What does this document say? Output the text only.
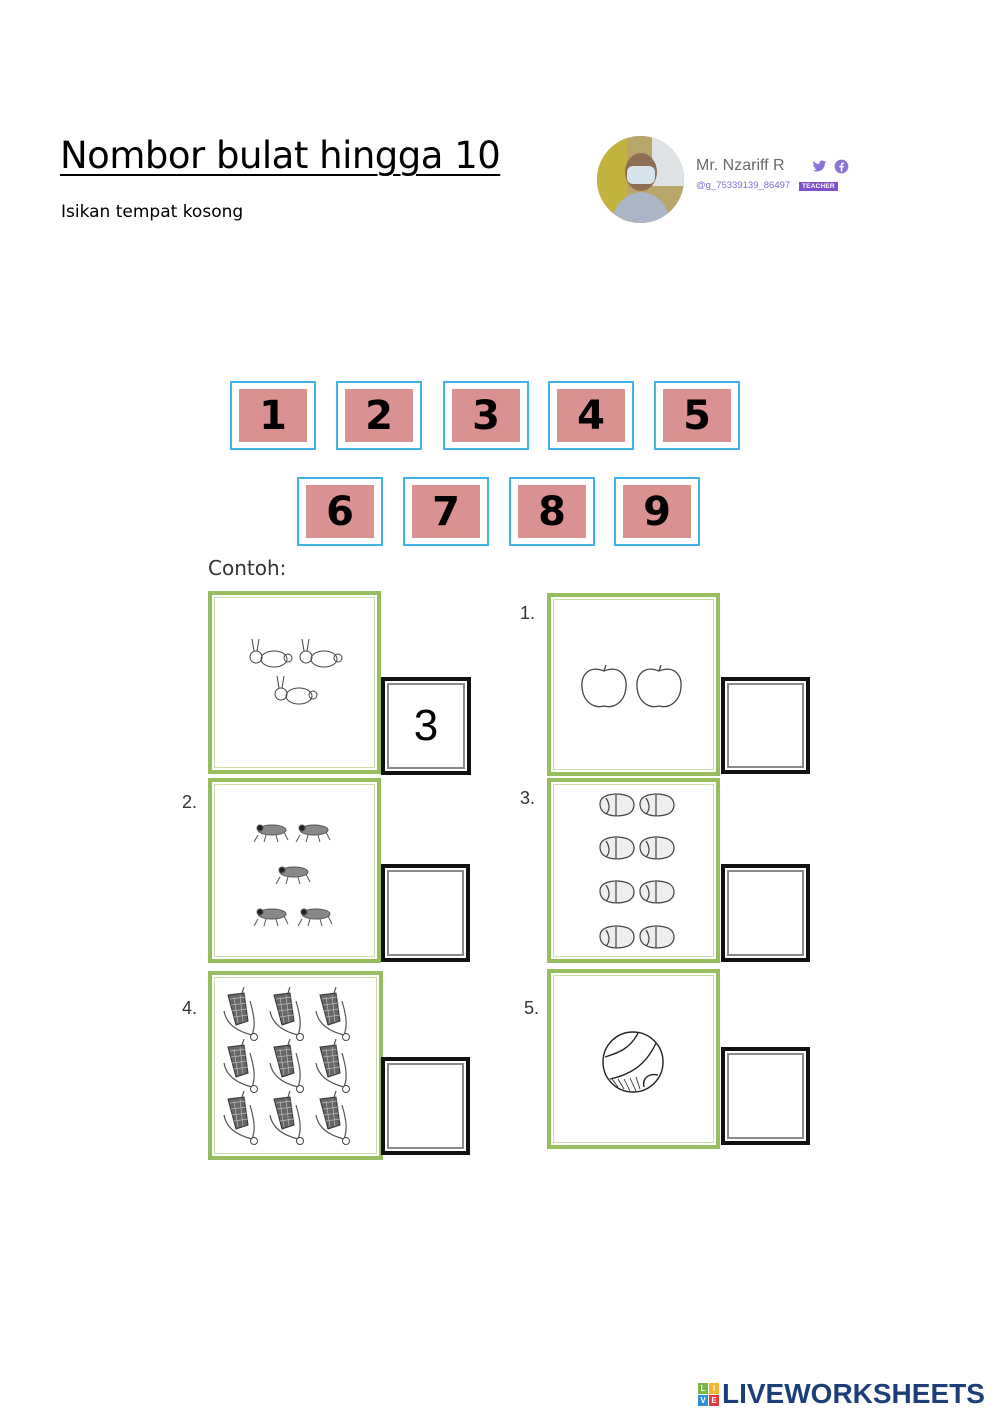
Nombor bulat hingga 10
Isikan tempat kosong
Mr. Nzariff R
@g_75339139_86497	TEACHER
1	2	3	4	5
6	7	8	9
Contoh:
3
1.
2.	3.
4.	5.
L I
V E LIVEWORKSHEETS
